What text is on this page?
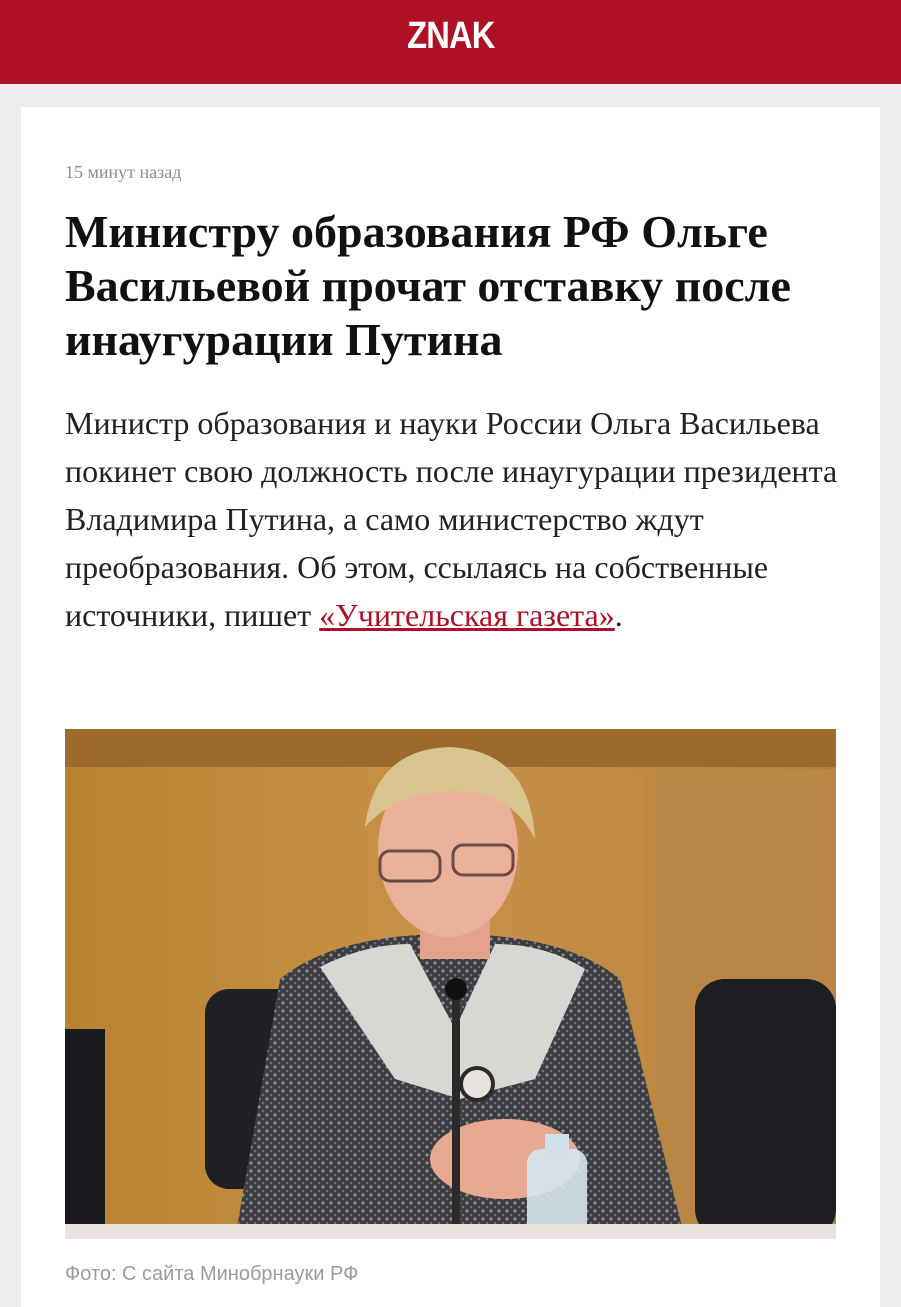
ZNAK
15 минут назад
Министру образования РФ Ольге Васильевой прочат отставку после инаугурации Путина

Министр образования и науки России Ольга Васильева покинет свою должность после инаугурации президента Владимира Путина, а само министерство ждут преобразования. Об этом, ссылаясь на собственные источники, пишет «Учительская газета».

Фото: С сайта Минобрнауки РФ
